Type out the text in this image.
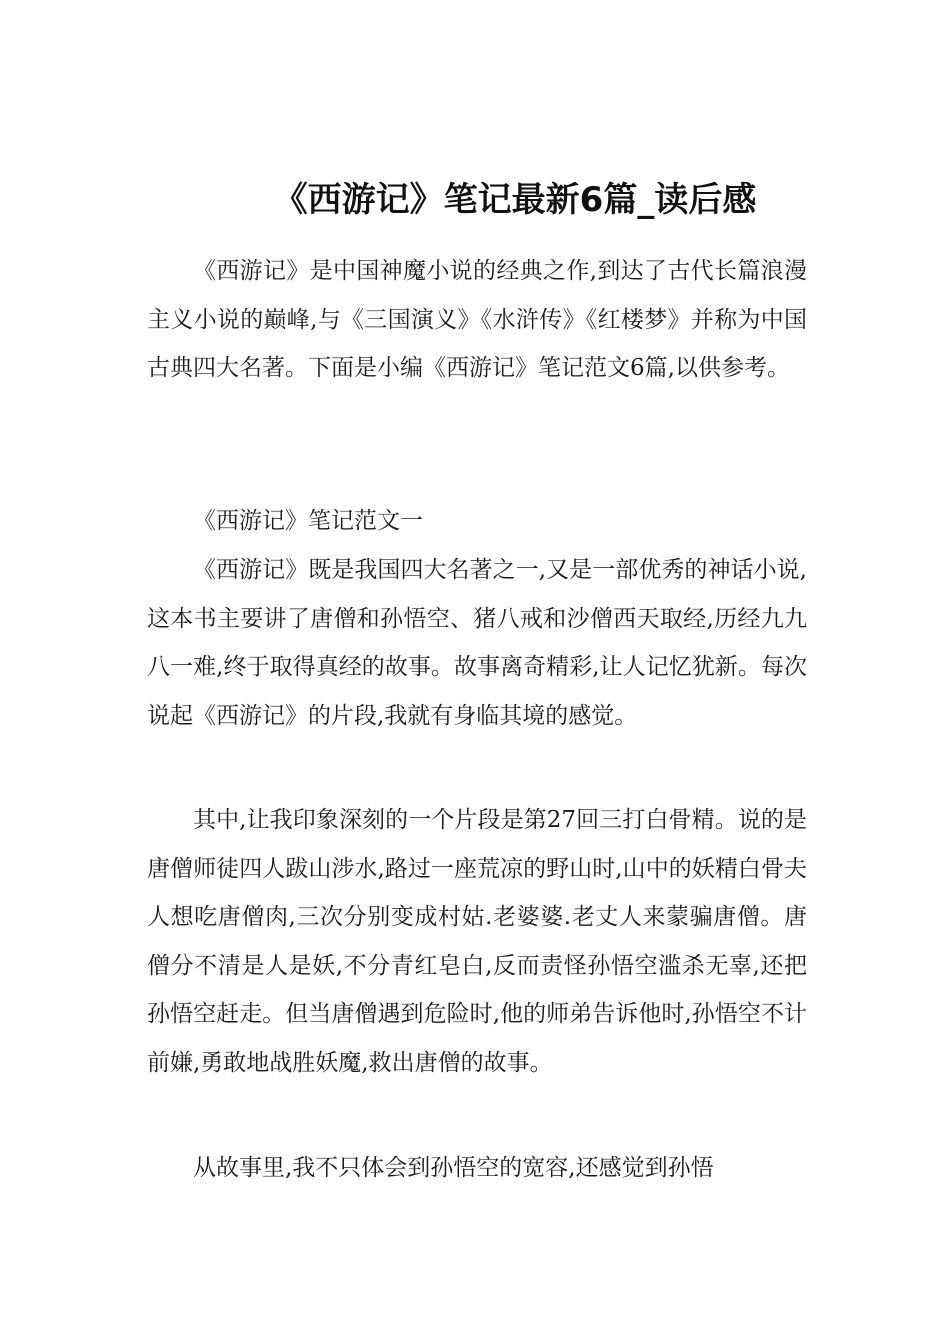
《西游记》笔记最新6篇_读后感

《西游记》是中国神魔小说的经典之作,到达了古代长篇浪漫主义小说的巅峰,与《三国演义》《水浒传》《红楼梦》并称为中国古典四大名著。下面是小编《西游记》笔记范文6篇,以供参考。

《西游记》笔记范文一

《西游记》既是我国四大名著之一,又是一部优秀的神话小说,这本书主要讲了唐僧和孙悟空、猪八戒和沙僧西天取经,历经九九八一难,终于取得真经的故事。故事离奇精彩,让人记忆犹新。每次说起《西游记》的片段,我就有身临其境的感觉。

其中,让我印象深刻的一个片段是第27回三打白骨精。说的是唐僧师徒四人跋山涉水,路过一座荒凉的野山时,山中的妖精白骨夫人想吃唐僧肉,三次分别变成村姑.老婆婆.老丈人来蒙骗唐僧。唐僧分不清是人是妖,不分青红皂白,反而责怪孙悟空滥杀无辜,还把孙悟空赶走。但当唐僧遇到危险时,他的师弟告诉他时,孙悟空不计前嫌,勇敢地战胜妖魔,救出唐僧的故事。

从故事里,我不只体会到孙悟空的宽容,还感觉到孙悟
